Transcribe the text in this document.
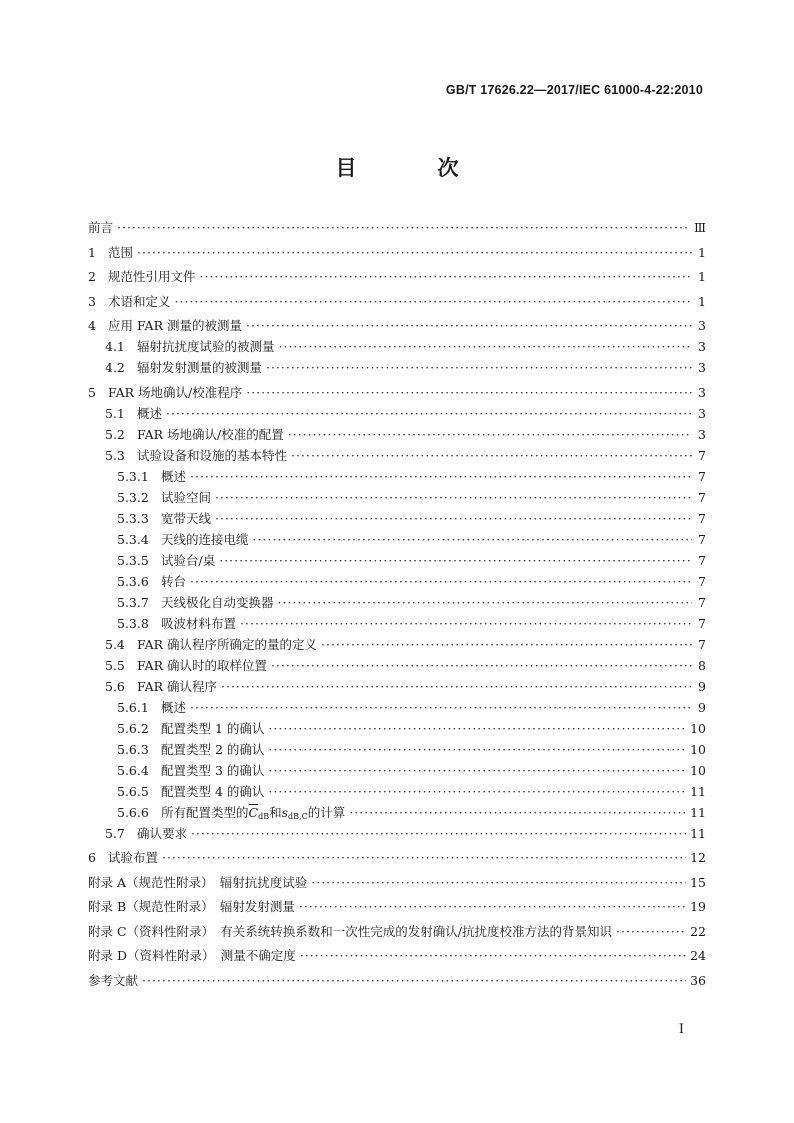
GB/T 17626.22—2017/IEC 61000-4-22:2010
目　次
前言 ·····	Ⅲ
1 范围 ·····	1
2 规范性引用文件 ·····	1
3 术语和定义 ·····	1
4 应用 FAR 测量的被测量 ·····	3
4.1 辐射抗扰度试验的被测量 ·····	3
4.2 辐射发射测量的被测量 ·····	3
5 FAR 场地确认/校准程序 ·····	3
5.1 概述 ·····	3
5.2 FAR 场地确认/校准的配置 ·····	3
5.3 试验设备和设施的基本特性 ·····	7
5.3.1 概述 ·····	7
5.3.2 试验空间 ·····	7
5.3.3 宽带天线 ·····	7
5.3.4 天线的连接电缆 ·····	7
5.3.5 试验台/桌 ·····	7
5.3.6 转台 ·····	7
5.3.7 天线极化自动变换器 ·····	7
5.3.8 吸波材料布置 ·····	7
5.4 FAR 确认程序所确定的量的定义 ·····	7
5.5 FAR 确认时的取样位置 ·····	8
5.6 FAR 确认程序 ·····	9
5.6.1 概述 ·····	9
5.6.2 配置类型 1 的确认 ·····	10
5.6.3 配置类型 2 的确认 ·····	10
5.6.4 配置类型 3 的确认 ·····	10
5.6.5 配置类型 4 的确认 ·····	11
5.6.6 所有配置类型的$\overline{C}dB$和sdB,C的计算 ·····	11
5.7 确认要求 ·····	11
6 试验布置 ·····	12
附录 A（规范性附录）　辐射抗扰度试验 ·····	15
附录 B（规范性附录）　辐射发射测量 ·····	19
附录 C（资料性附录）　有关系统转换系数和一次性完成的发射确认/抗扰度校准方法的背景知识 ·····	22
附录 D（资料性附录）　测量不确定度 ·····	24
参考文献 ·····	36
I
